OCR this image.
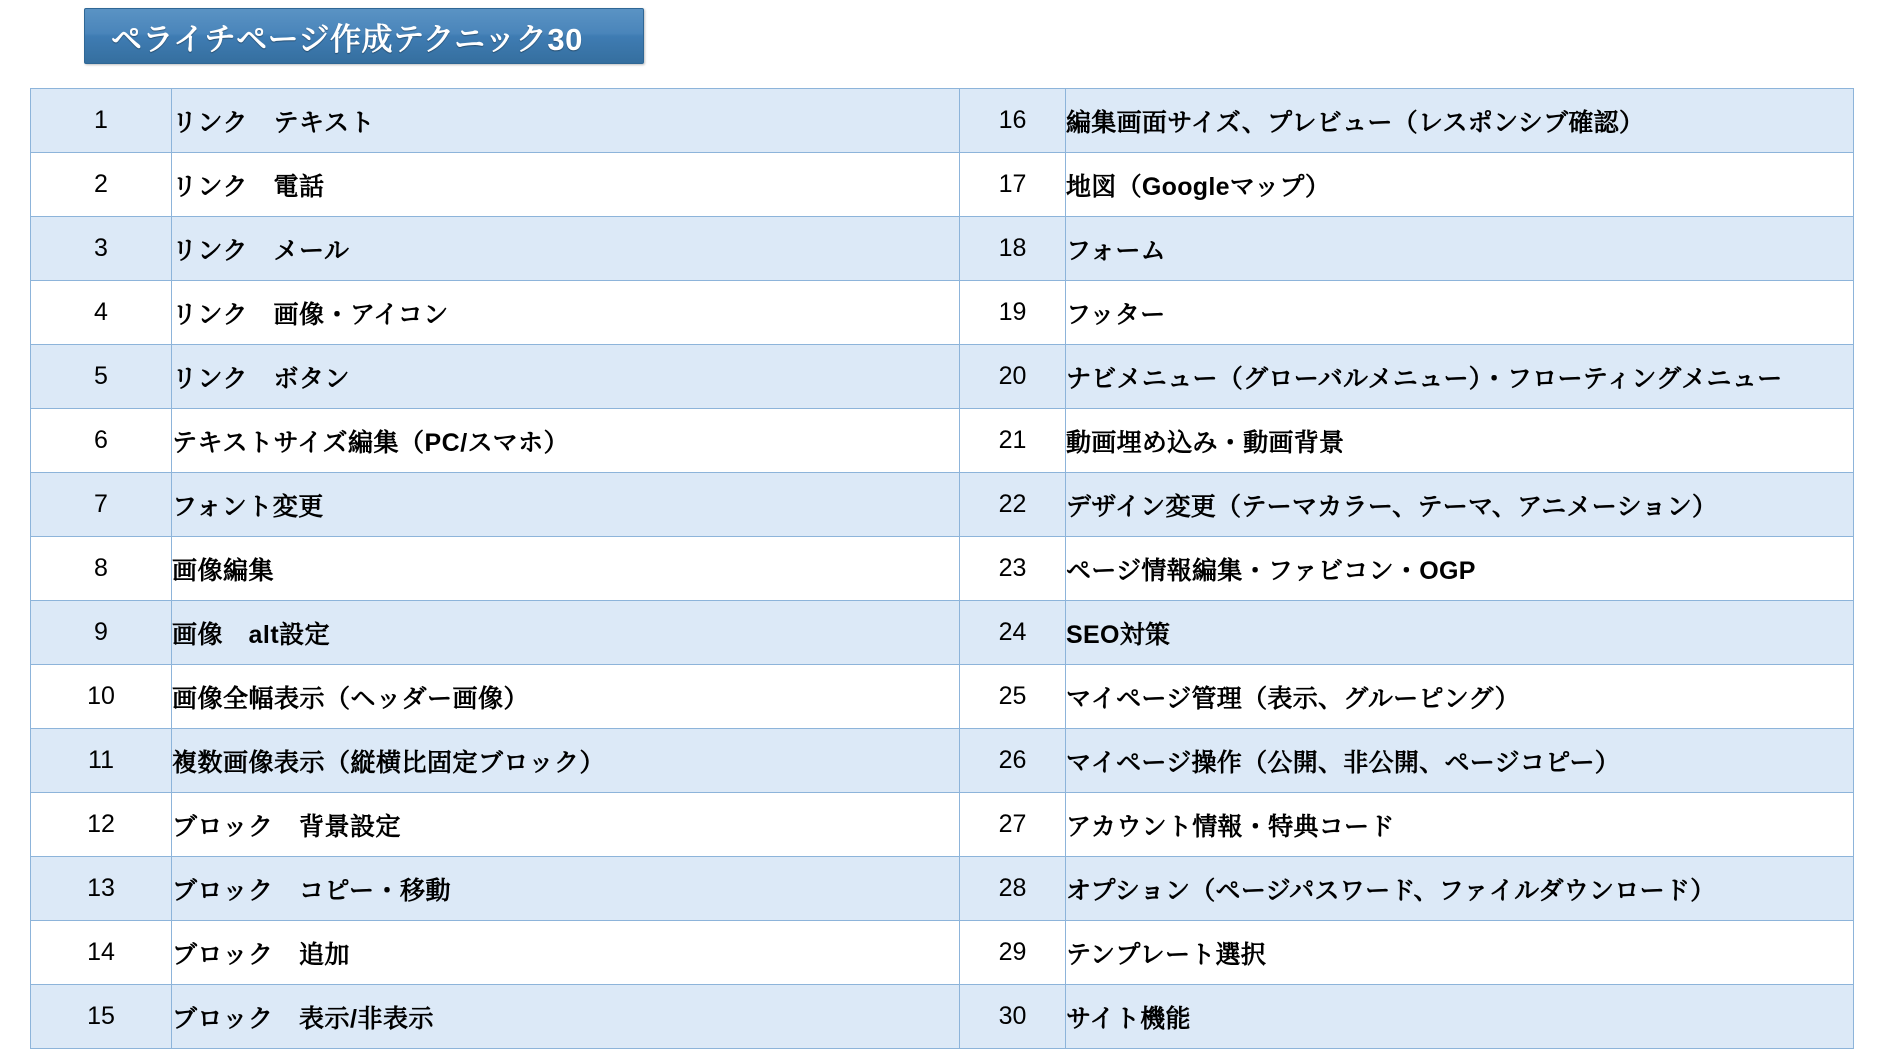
ペライチページ作成テクニック30
1	リンク　テキスト	16	編集画面サイズ、プレビュー（レスポンシブ確認）
2	リンク　電話	17	地図（Googleマップ）
3	リンク　メール	18	フォーム
4	リンク　画像・アイコン	19	フッター
5	リンク　ボタン	20	ナビメニュー（グローバルメニュー）・フローティングメニュー
6	テキストサイズ編集（PC/スマホ）	21	動画埋め込み・動画背景
7	フォント変更	22	デザイン変更（テーマカラー、テーマ、アニメーション）
8	画像編集	23	ページ情報編集・ファビコン・OGP
9	画像　alt設定	24	SEO対策
10	画像全幅表示（ヘッダー画像）	25	マイページ管理（表示、グルーピング）
11	複数画像表示（縦横比固定ブロック）	26	マイページ操作（公開、非公開、ページコピー）
12	ブロック　背景設定	27	アカウント情報・特典コード
13	ブロック　コピー・移動	28	オプション（ページパスワード、ファイルダウンロード）
14	ブロック　追加	29	テンプレート選択
15	ブロック　表示/非表示	30	サイト機能
